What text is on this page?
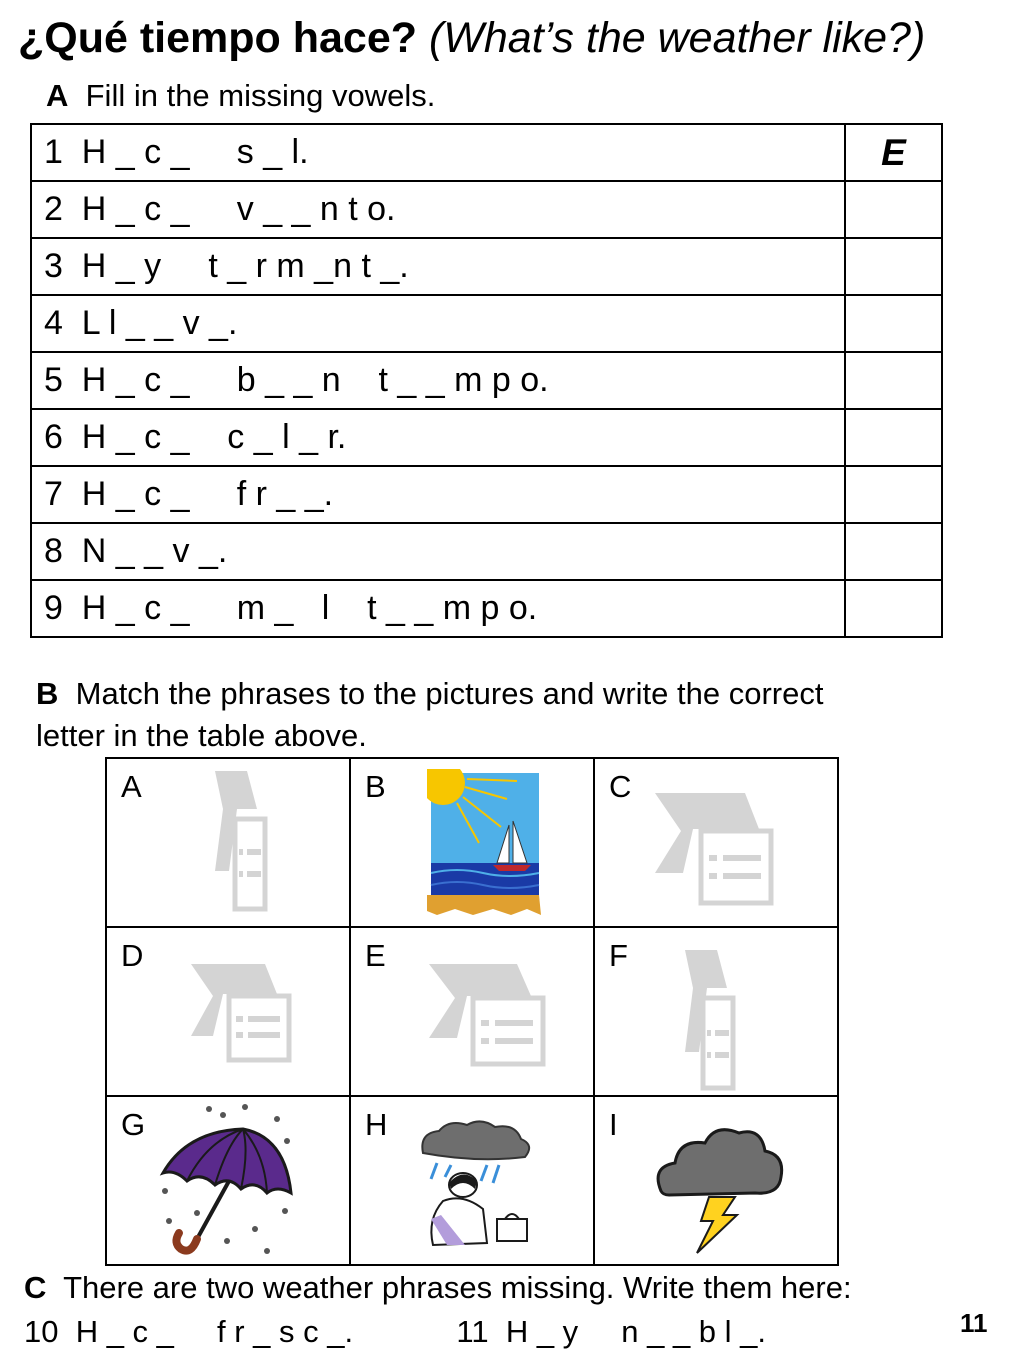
¿Qué tiempo hace? (What’s the weather like?)
A Fill in the missing vowels.
1  H _ c _     s _ l.	E
2  H _ c _     v _ _ n t o.	
3  H _ y     t _ r m _n t _.	
4  L l _ _ v _.	
5  H _ c _     b _ _ n    t _ _ m p o.	
6  H _ c _    c _ l _ r.	
7  H _ c _     f r _ _.	
8  N _ _ v _.	
9  H _ c _     m _   l    t _ _ m p o.	
B Match the phrases to the pictures and write the correct
letter in the table above.
A	B	C

D	E	F

G	H	I
C There are two weather phrases missing. Write them here:
10  H _ c _     f r _ s c _.            11  H _ y     n _ _ b l _.	11
